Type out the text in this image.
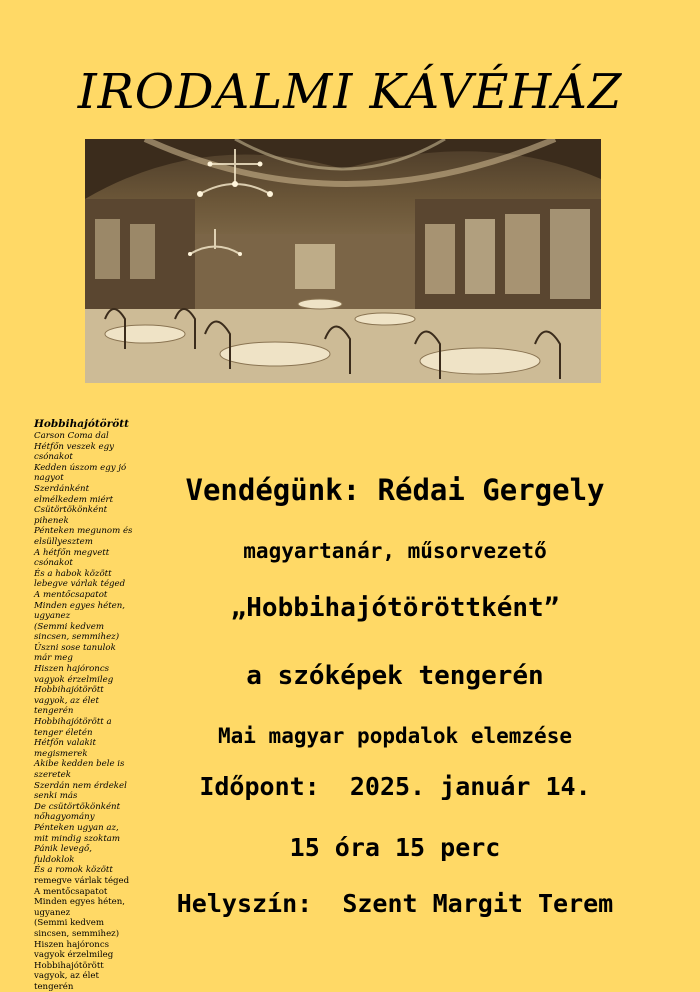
IRODALMI KÁVÉHÁZ
Hobbihajótörött
Carson Coma dal
Hétfőn veszek egy csónakot
Kedden úszom egy jó nagyot
Szerdánként elmélkedem miért
Csütörtökönként pihenek
Pénteken megunom és elsüllyesztem
A hétfőn megvett csónakot
És a habok között lebegve várlak téged
A mentőcsapatot
Minden egyes héten, ugyanez
(Semmi kedvem sincsen, semmihez)
Úszni sose tanulok már meg
Hiszen hajóroncs vagyok érzelmileg
Hobbihajótörött vagyok, az élet tengerén
Hobbihajótörött a tenger életén
Hétfőn valakit megismerek
Akibe kedden bele is szeretek
Szerdán nem érdekel senki más
De csütörtökönként nőhagyomány
Pénteken ugyan az, mit mindig szoktam
Pánik levegő, fuldoklok
És a romok között
remegve várlak téged
A mentőcsapatot
Minden egyes héten, ugyanez
(Semmi kedvem sincsen, semmihez)
Hiszen hajóroncs vagyok érzelmileg
Hobbihajótörött vagyok, az élet tengerén
Vendégünk: Rédai Gergely
magyartanár, műsorvezető
„Hobbihajótöröttként”
a szóképek tengerén
Mai magyar popdalok elemzése
Időpont:  2025. január 14.
15 óra 15 perc
Helyszín:  Szent Margit Terem
